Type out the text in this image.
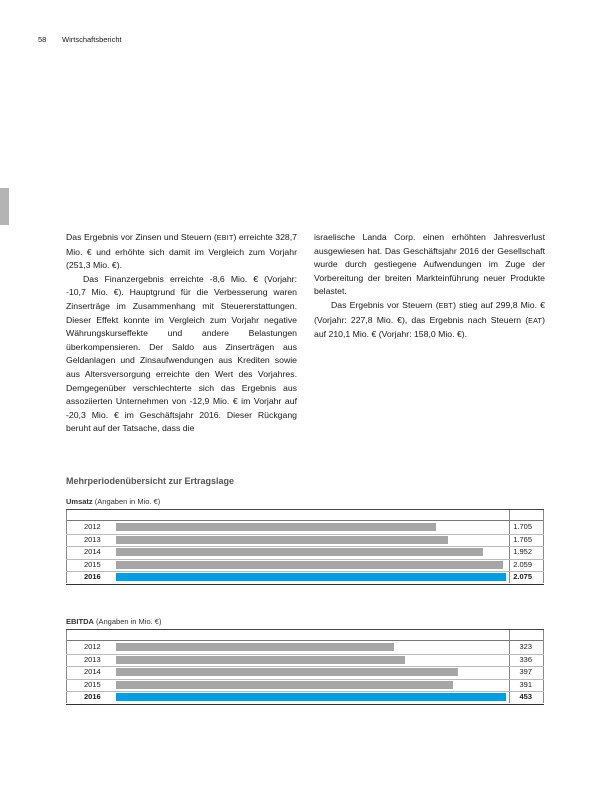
58 Wirtschaftsbericht

Das Ergebnis vor Zinsen und Steuern (EBIT) erreichte 328,7 Mio. € und erhöhte sich damit im Vergleich zum Vorjahr (251,3 Mio. €).

Das Finanzergebnis erreichte -8,6 Mio. € (Vorjahr: -10,7 Mio. €). Hauptgrund für die Verbesserung waren Zinserträge im Zusammenhang mit Steuererstattungen. Dieser Effekt konnte im Vergleich zum Vorjahr negative Währungskurseffekte und andere Belastungen überkompensieren. Der Saldo aus Zinserträgen aus Geldanlagen und Zinsaufwendungen aus Krediten sowie aus Altersversorgung erreichte den Wert des Vorjahres. Demgegenüber verschlechterte sich das Ergebnis aus assoziierten Unternehmen von -12,9 Mio. € im Vorjahr auf -20,3 Mio. € im Geschäftsjahr 2016. Dieser Rückgang beruht auf der Tatsache, dass die

israelische Landa Corp. einen erhöhten Jahresverlust ausgewiesen hat. Das Geschäftsjahr 2016 der Gesellschaft wurde durch gestiegene Aufwendungen im Zuge der Vorbereitung der breiten Markteinführung neuer Produkte belastet.

Das Ergebnis vor Steuern (EBT) stieg auf 299,8 Mio. € (Vorjahr: 227,8 Mio. €), das Ergebnis nach Steuern (EAT) auf 210,1 Mio. € (Vorjahr: 158,0 Mio. €).

Mehrperiodenübersicht zur Ertragslage
Umsatz (Angaben in Mio. €)
2012	1.705
2013	1.765
2014	1.952
2015	2.059
2016	2.075
EBITDA (Angaben in Mio. €)
2012	323
2013	336
2014	397
2015	391
2016	453
